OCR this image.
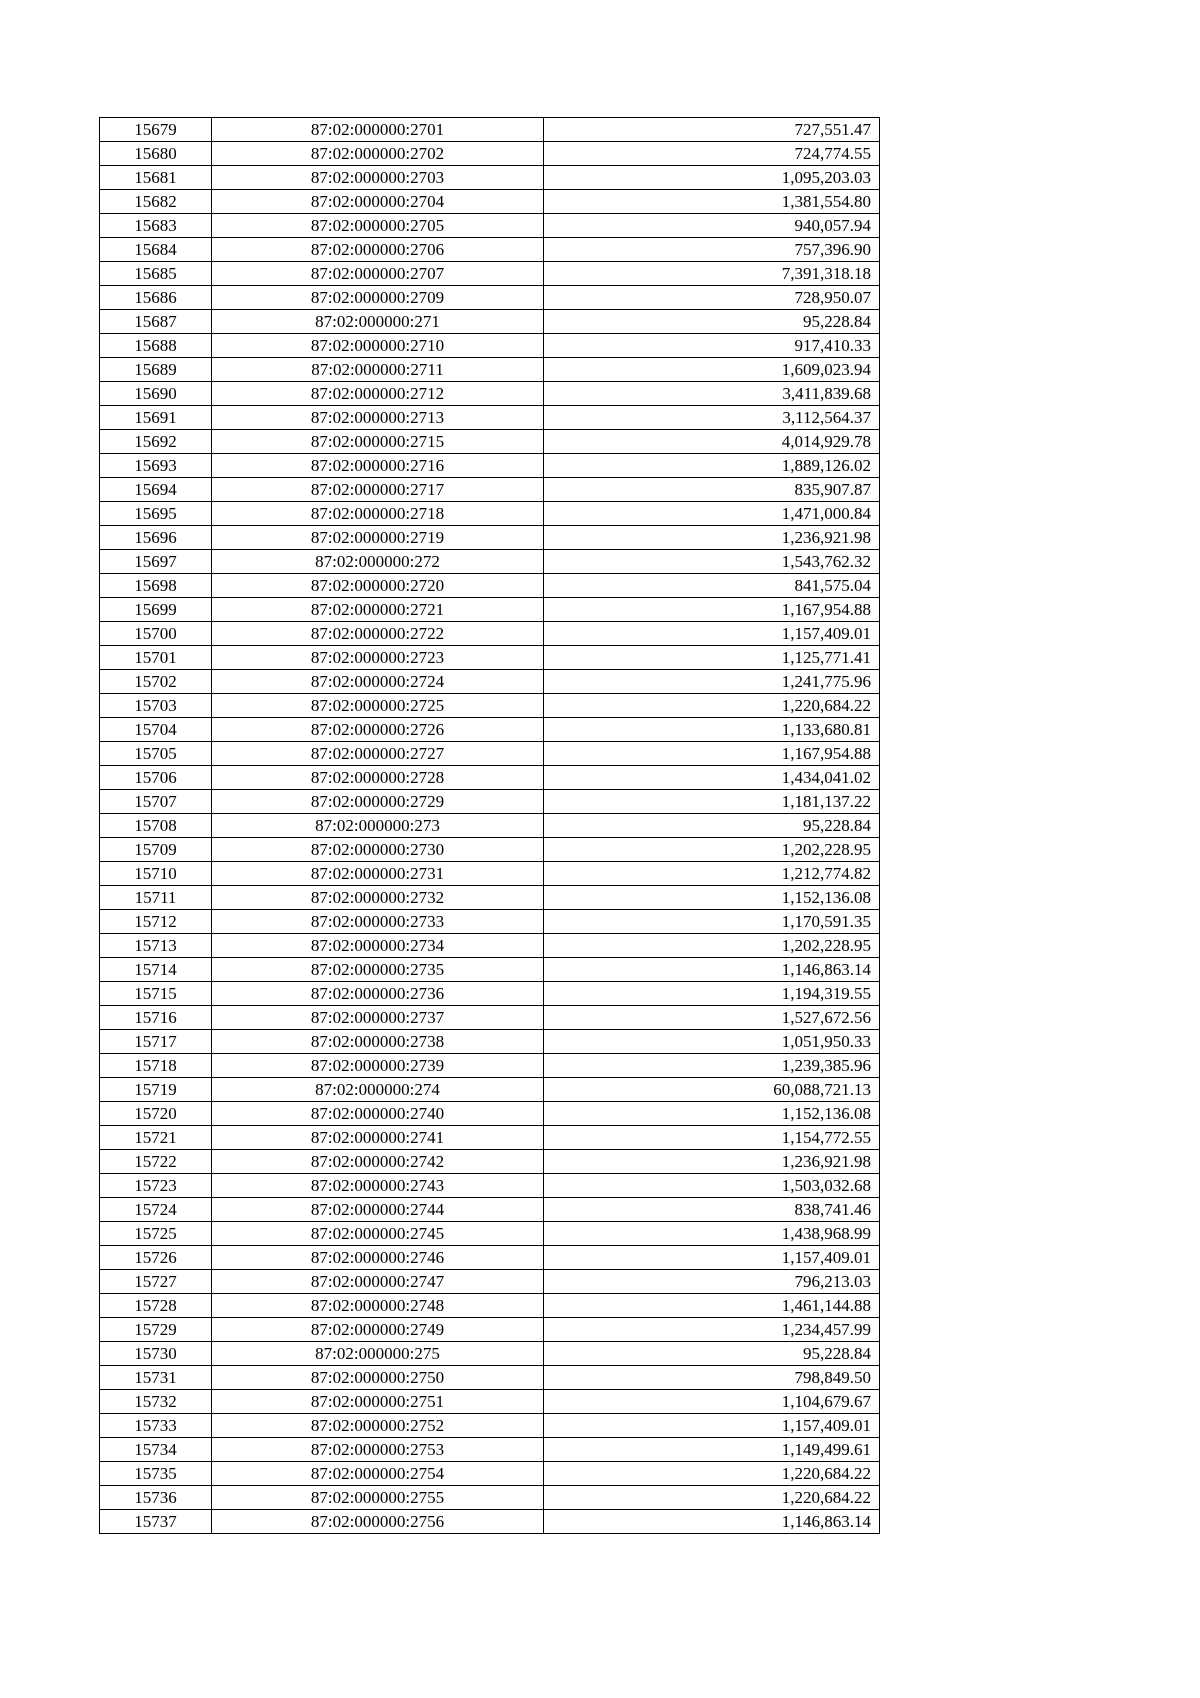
15679	87:02:000000:2701	727,551.47
15680	87:02:000000:2702	724,774.55
15681	87:02:000000:2703	1,095,203.03
15682	87:02:000000:2704	1,381,554.80
15683	87:02:000000:2705	940,057.94
15684	87:02:000000:2706	757,396.90
15685	87:02:000000:2707	7,391,318.18
15686	87:02:000000:2709	728,950.07
15687	87:02:000000:271	95,228.84
15688	87:02:000000:2710	917,410.33
15689	87:02:000000:2711	1,609,023.94
15690	87:02:000000:2712	3,411,839.68
15691	87:02:000000:2713	3,112,564.37
15692	87:02:000000:2715	4,014,929.78
15693	87:02:000000:2716	1,889,126.02
15694	87:02:000000:2717	835,907.87
15695	87:02:000000:2718	1,471,000.84
15696	87:02:000000:2719	1,236,921.98
15697	87:02:000000:272	1,543,762.32
15698	87:02:000000:2720	841,575.04
15699	87:02:000000:2721	1,167,954.88
15700	87:02:000000:2722	1,157,409.01
15701	87:02:000000:2723	1,125,771.41
15702	87:02:000000:2724	1,241,775.96
15703	87:02:000000:2725	1,220,684.22
15704	87:02:000000:2726	1,133,680.81
15705	87:02:000000:2727	1,167,954.88
15706	87:02:000000:2728	1,434,041.02
15707	87:02:000000:2729	1,181,137.22
15708	87:02:000000:273	95,228.84
15709	87:02:000000:2730	1,202,228.95
15710	87:02:000000:2731	1,212,774.82
15711	87:02:000000:2732	1,152,136.08
15712	87:02:000000:2733	1,170,591.35
15713	87:02:000000:2734	1,202,228.95
15714	87:02:000000:2735	1,146,863.14
15715	87:02:000000:2736	1,194,319.55
15716	87:02:000000:2737	1,527,672.56
15717	87:02:000000:2738	1,051,950.33
15718	87:02:000000:2739	1,239,385.96
15719	87:02:000000:274	60,088,721.13
15720	87:02:000000:2740	1,152,136.08
15721	87:02:000000:2741	1,154,772.55
15722	87:02:000000:2742	1,236,921.98
15723	87:02:000000:2743	1,503,032.68
15724	87:02:000000:2744	838,741.46
15725	87:02:000000:2745	1,438,968.99
15726	87:02:000000:2746	1,157,409.01
15727	87:02:000000:2747	796,213.03
15728	87:02:000000:2748	1,461,144.88
15729	87:02:000000:2749	1,234,457.99
15730	87:02:000000:275	95,228.84
15731	87:02:000000:2750	798,849.50
15732	87:02:000000:2751	1,104,679.67
15733	87:02:000000:2752	1,157,409.01
15734	87:02:000000:2753	1,149,499.61
15735	87:02:000000:2754	1,220,684.22
15736	87:02:000000:2755	1,220,684.22
15737	87:02:000000:2756	1,146,863.14
